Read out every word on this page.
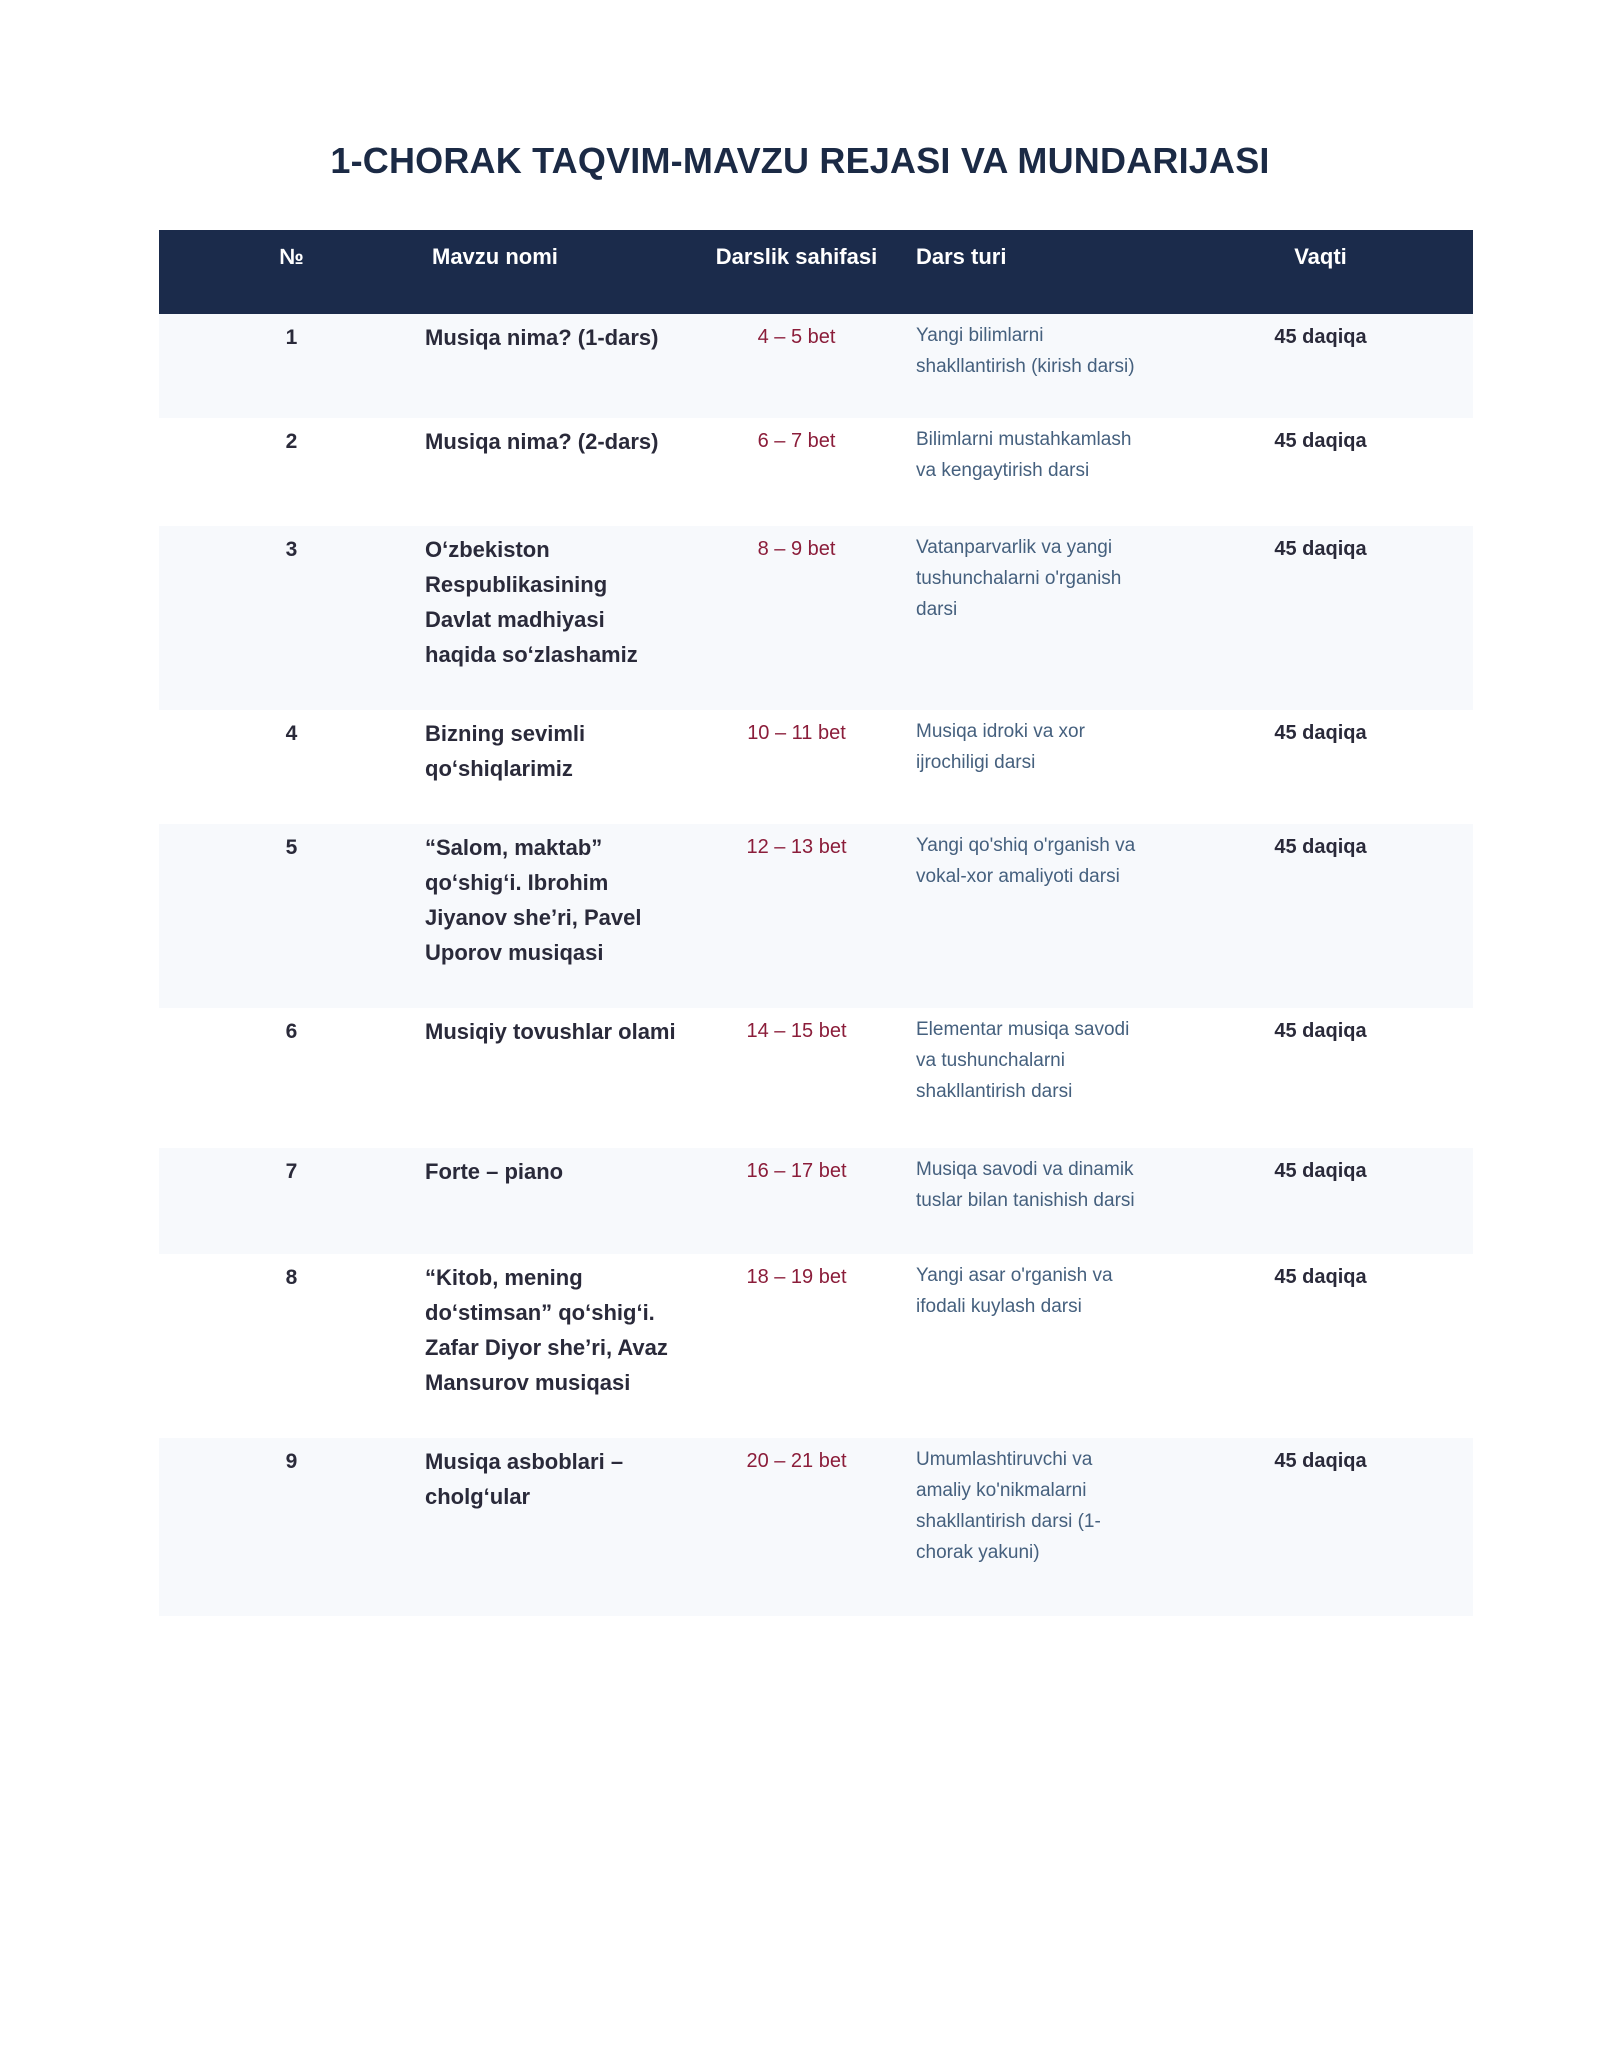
1-CHORAK TAQVIM-MAVZU REJASI VA MUNDARIJASI
№	Mavzu nomi	Darslik sahifasi	Dars turi	Vaqti
1	Musiqa nima? (1-dars)	4 – 5 bet	Yangi bilimlarni shakllantirish (kirish darsi)	45 daqiqa
2	Musiqa nima? (2-dars)	6 – 7 bet	Bilimlarni mustahkamlash va kengaytirish darsi	45 daqiqa
3	O‘zbekiston Respublikasining Davlat madhiyasi haqida so‘zlashamiz	8 – 9 bet	Vatanparvarlik va yangi tushunchalarni o'rganish darsi	45 daqiqa
4	Bizning sevimli qo‘shiqlarimiz	10 – 11 bet	Musiqa idroki va xor ijrochiligi darsi	45 daqiqa
5	“Salom, maktab” qo‘shig‘i. Ibrohim Jiyanov she’ri, Pavel Uporov musiqasi	12 – 13 bet	Yangi qo'shiq o'rganish va vokal-xor amaliyoti darsi	45 daqiqa
6	Musiqiy tovushlar olami	14 – 15 bet	Elementar musiqa savodi va tushunchalarni shakllantirish darsi	45 daqiqa
7	Forte – piano	16 – 17 bet	Musiqa savodi va dinamik tuslar bilan tanishish darsi	45 daqiqa
8	“Kitob, mening do‘stimsan” qo‘shig‘i. Zafar Diyor she’ri, Avaz Mansurov musiqasi	18 – 19 bet	Yangi asar o'rganish va ifodali kuylash darsi	45 daqiqa
9	Musiqa asboblari – cholg‘ular	20 – 21 bet	Umumlashtiruvchi va amaliy ko'nikmalarni shakllantirish darsi (1-chorak yakuni)	45 daqiqa
